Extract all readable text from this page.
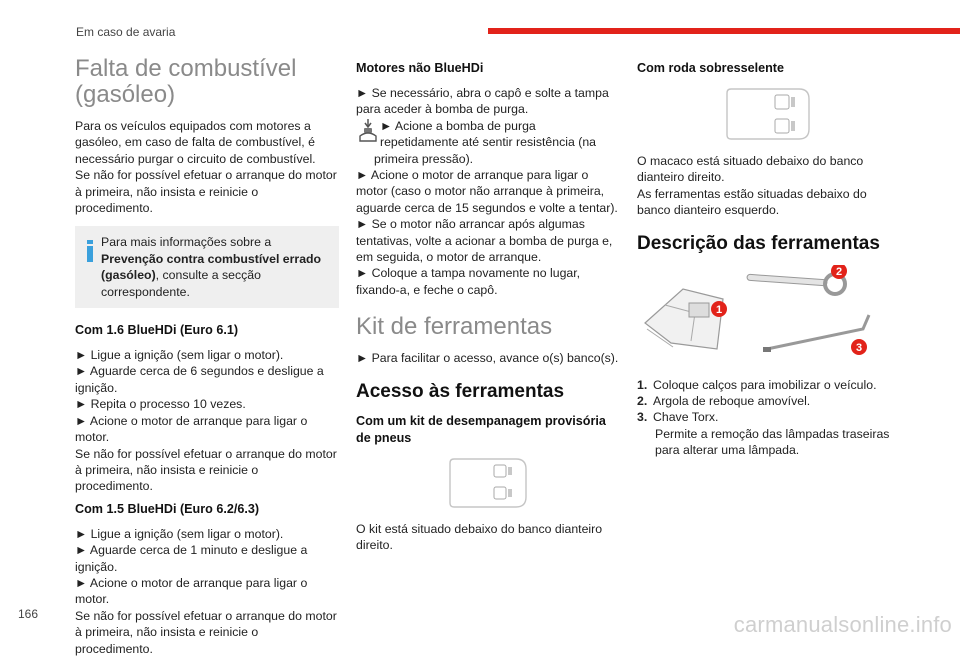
Em caso de avaria
Falta de combustível (gasóleo)

Para os veículos equipados com motores a gasóleo, em caso de falta de combustível, é necessário purgar o circuito de combustível.

Se não for possível efetuar o arranque do motor à primeira, não insista e reinicie o procedimento.

Para mais informações sobre a
Prevenção contra combustível errado (gasóleo), consulte a secção correspondente.

Com 1.6 BlueHDi (Euro 6.1)

► Ligue a ignição (sem ligar o motor).

► Aguarde cerca de 6 segundos e desligue a ignição.

► Repita o processo 10 vezes.

► Acione o motor de arranque para ligar o motor.

Se não for possível efetuar o arranque do motor à primeira, não insista e reinicie o procedimento.

Com 1.5 BlueHDi (Euro 6.2/6.3)

► Ligue a ignição (sem ligar o motor).

► Aguarde cerca de 1 minuto e desligue a ignição.

► Acione o motor de arranque para ligar o motor.

Se não for possível efetuar o arranque do motor à primeira, não insista e reinicie o procedimento.

Motores não BlueHDi

► Se necessário, abra o capô e solte a tampa para aceder à bomba de purga.

► Acione a bomba de purga
repetidamente até sentir resistência (na primeira pressão).

► Acione o motor de arranque para ligar o motor (caso o motor não arranque à primeira, aguarde cerca de 15 segundos e volte a tentar).

► Se o motor não arrancar após algumas tentativas, volte a acionar a bomba de purga e, em seguida, o motor de arranque.

► Coloque a tampa novamente no lugar, fixando-a, e feche o capô.

Kit de ferramentas

► Para facilitar o acesso, avance o(s) banco(s).

Acesso às ferramentas
Com um kit de desempanagem provisória de pneus

O kit está situado debaixo do banco dianteiro direito.

Com roda sobresselente

O macaco está situado debaixo do banco dianteiro direito.

As ferramentas estão situadas debaixo do banco dianteiro esquerdo.

Descrição das ferramentas
1
2
3

1. Coloque calços para imobilizar o veículo.

2. Argola de reboque amovível.

3. Chave Torx.

Permite a remoção das lâmpadas traseiras para alterar uma lâmpada.

166	carmanualsonline.info
